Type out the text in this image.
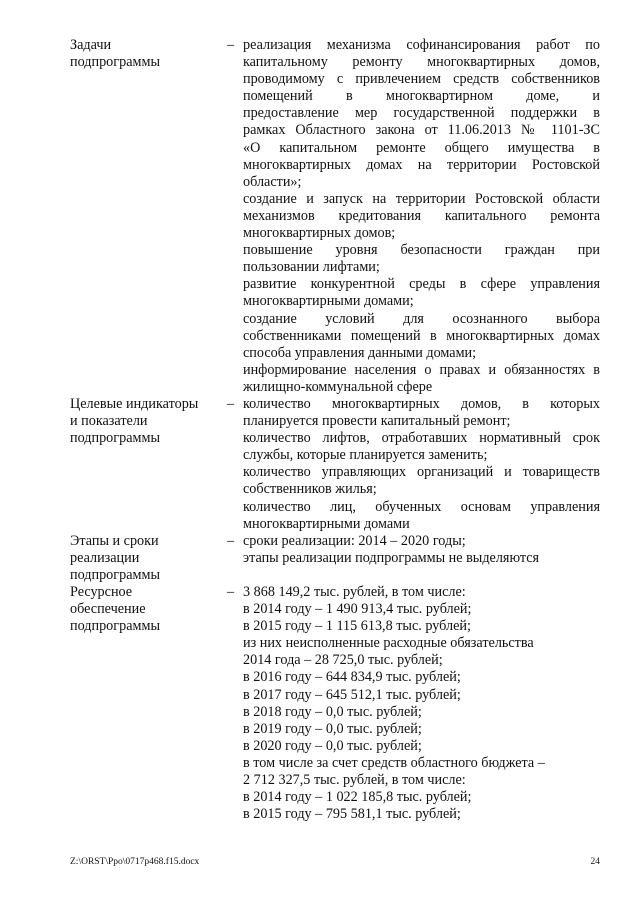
Задачи
подпрограммы
– реализация механизма софинансирования работ по
капитальному ремонту многоквартирных домов,
проводимому с привлечением средств собственников
помещений в многоквартирном доме, и
предоставление мер государственной поддержки в
рамках Областного закона от 11.06.2013 № 1101-ЗС
«О капитальном ремонте общего имущества в
многоквартирных домах на территории Ростовской
области»;
создание и запуск на территории Ростовской области
механизмов кредитования капитального ремонта
многоквартирных домов;
повышение уровня безопасности граждан при
пользовании лифтами;
развитие конкурентной среды в сфере управления
многоквартирными домами;
создание условий для осознанного выбора
собственниками помещений в многоквартирных домах
способа управления данными домами;
информирование населения о правах и обязанностях в
жилищно-коммунальной сфере
Целевые индикаторы
и показатели
подпрограммы
– количество многоквартирных домов, в которых
планируется провести капитальный ремонт;
количество лифтов, отработавших нормативный срок
службы, которые планируется заменить;
количество управляющих организаций и товариществ
собственников жилья;
количество лиц, обученных основам управления
многоквартирными домами
Этапы и сроки
реализации
подпрограммы
– сроки реализации: 2014 – 2020 годы;
этапы реализации подпрограммы не выделяются
Ресурсное
обеспечение
подпрограммы
– 3 868 149,2 тыс. рублей, в том числе:
в 2014 году – 1 490 913,4 тыс. рублей;
в 2015 году – 1 115 613,8 тыс. рублей;
из них неисполненные расходные обязательства
2014 года – 28 725,0 тыс. рублей;
в 2016 году – 644 834,9 тыс. рублей;
в 2017 году – 645 512,1 тыс. рублей;
в 2018 году – 0,0 тыс. рублей;
в 2019 году – 0,0 тыс. рублей;
в 2020 году – 0,0 тыс. рублей;
в том числе за счет средств областного бюджета –
2 712 327,5 тыс. рублей, в том числе:
в 2014 году – 1 022 185,8 тыс. рублей;
в 2015 году – 795 581,1 тыс. рублей;
Z:\ORST\Ppo\0717p468.f15.docx	24
